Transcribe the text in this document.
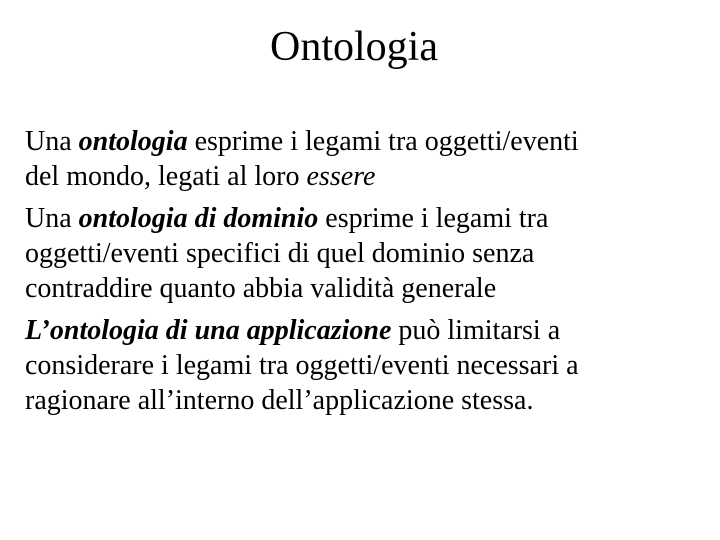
Ontologia

Una ontologia esprime i legami tra oggetti/eventi
del mondo, legati al loro essere

Una ontologia di dominio esprime i legami tra
oggetti/eventi specifici di quel dominio senza
contraddire quanto abbia validità generale

L’ontologia di una applicazione può limitarsi a
considerare i legami tra oggetti/eventi necessari a
ragionare all’interno dell’applicazione stessa.
